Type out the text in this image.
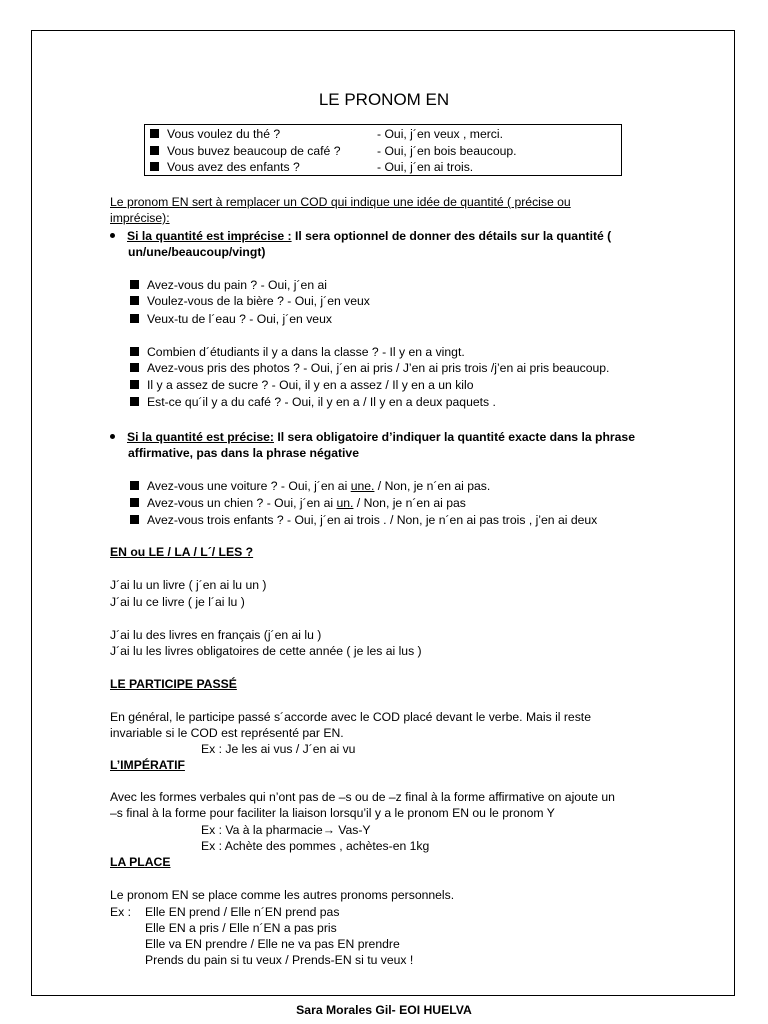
LE PRONOM EN
Vous voulez du thé ?	- Oui, j´en veux , merci.
Vous buvez beaucoup de café ?	- Oui, j´en bois beaucoup.
Vous avez des enfants ?	- Oui, j´en ai trois.
Le pronom EN sert à remplacer un COD qui indique une idée de quantité ( précise ou
imprécise):
Si la quantité est imprécise : Il sera optionnel de donner des détails sur la quantité (
un/une/beaucoup/vingt)
Avez-vous du pain ? - Oui, j´en ai
Voulez-vous de la bière ? - Oui, j´en veux
Veux-tu de l´eau ? - Oui, j´en veux
Combien d´étudiants il y a dans la classe ? - Il y en a vingt.
Avez-vous pris des photos ? - Oui, j´en ai pris / J’en ai pris trois /j’en ai pris beaucoup.
Il y a assez de sucre ? - Oui, il y en a assez / Il y en a un kilo
Est-ce qu´il y a du café ? - Oui, il y en a / Il y en a deux paquets .
Si la quantité est précise: Il sera obligatoire d’indiquer la quantité exacte dans la phrase
affirmative, pas dans la phrase négative
Avez-vous une voiture ? - Oui, j´en ai une. / Non, je n´en ai pas.
Avez-vous un chien ? - Oui, j´en ai un. / Non, je n´en ai pas
Avez-vous trois enfants ? - Oui, j´en ai trois . / Non, je n´en ai pas trois , j’en ai deux
EN ou LE / LA / L´/ LES ?
J´ai lu un livre ( j´en ai lu un )
J´ai lu ce livre ( je l´ai lu )
J´ai lu des livres en français (j´en ai lu )
J´ai lu les livres obligatoires de cette année ( je les ai lus )
LE PARTICIPE PASSÉ
En général, le participe passé s´accorde avec le COD placé devant le verbe. Mais il reste
invariable si le COD est représenté par EN.
Ex : Je les ai vus / J´en ai vu
L’IMPÉRATIF
Avec les formes verbales qui n’ont pas de –s ou de –z final à la forme affirmative on ajoute un
–s final à la forme pour faciliter la liaison lorsqu’il y a le pronom EN ou le pronom Y
Ex : Va à la pharmacie→ Vas-Y
Ex : Achète des pommes , achètes-en 1kg
LA PLACE
Le pronom EN se place comme les autres pronoms personnels.
Ex : Elle EN prend / Elle n´EN prend pas
Elle EN a pris / Elle n´EN a pas pris
Elle va EN prendre / Elle ne va pas EN prendre
Prends du pain si tu veux / Prends-EN si tu veux !
Sara Morales Gil- EOI HUELVA
